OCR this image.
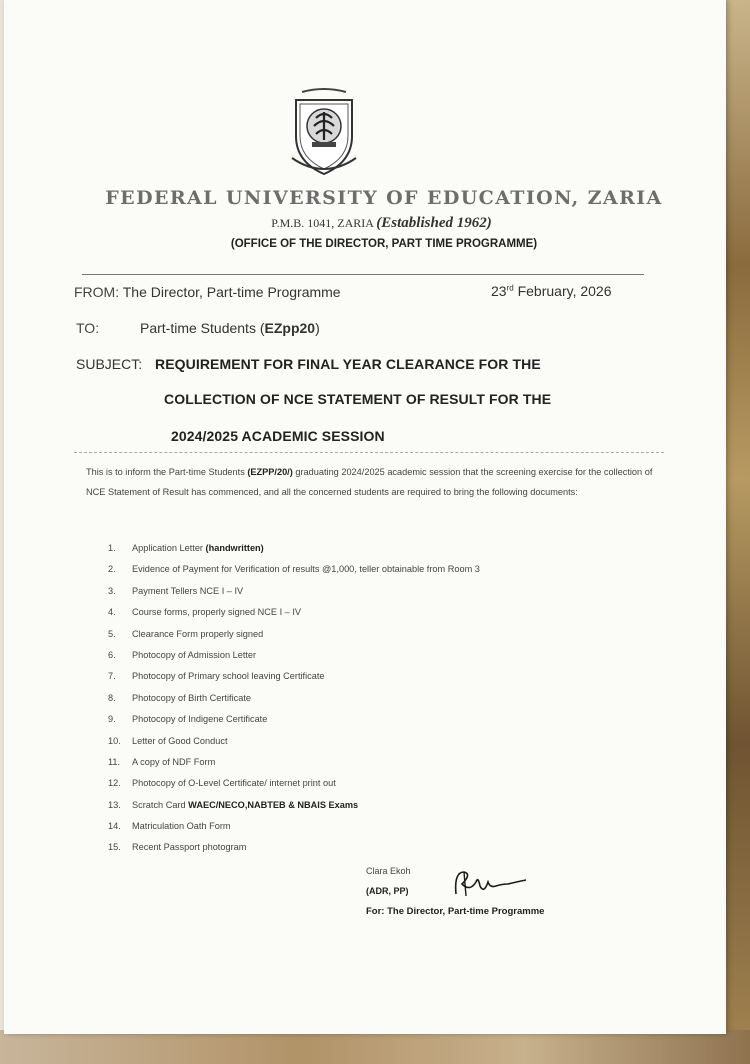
FEDERAL UNIVERSITY OF EDUCATION, ZARIA
P.M.B. 1041, ZARIA (Established 1962)
(OFFICE OF THE DIRECTOR, PART TIME PROGRAMME)
FROM: The Director, Part-time Programme	23rd February, 2026
TO:	Part-time Students (EZpp20)
SUBJECT: REQUIREMENT FOR FINAL YEAR CLEARANCE FOR THE
COLLECTION OF NCE STATEMENT OF RESULT FOR THE
2024/2025 ACADEMIC SESSION
This is to inform the Part-time Students (EZPP/20/) graduating 2024/2025 academic session that the screening exercise for the collection of NCE Statement of Result has commenced, and all the concerned students are required to bring the following documents:
1. Application Letter (handwritten)
2. Evidence of Payment for Verification of results @1,000, teller obtainable from Room 3
3. Payment Tellers NCE I – IV
4. Course forms, properly signed NCE I – IV
5. Clearance Form properly signed
6. Photocopy of Admission Letter
7. Photocopy of Primary school leaving Certificate
8. Photocopy of Birth Certificate
9. Photocopy of Indigene Certificate
10. Letter of Good Conduct
11. A copy of NDF Form
12. Photocopy of O-Level Certificate/ internet print out
13. Scratch Card WAEC/NECO,NABTEB & NBAIS Exams
14. Matriculation Oath Form
15. Recent Passport photogram
Clara Ekoh
(ADR, PP)
For: The Director, Part-time Programme
